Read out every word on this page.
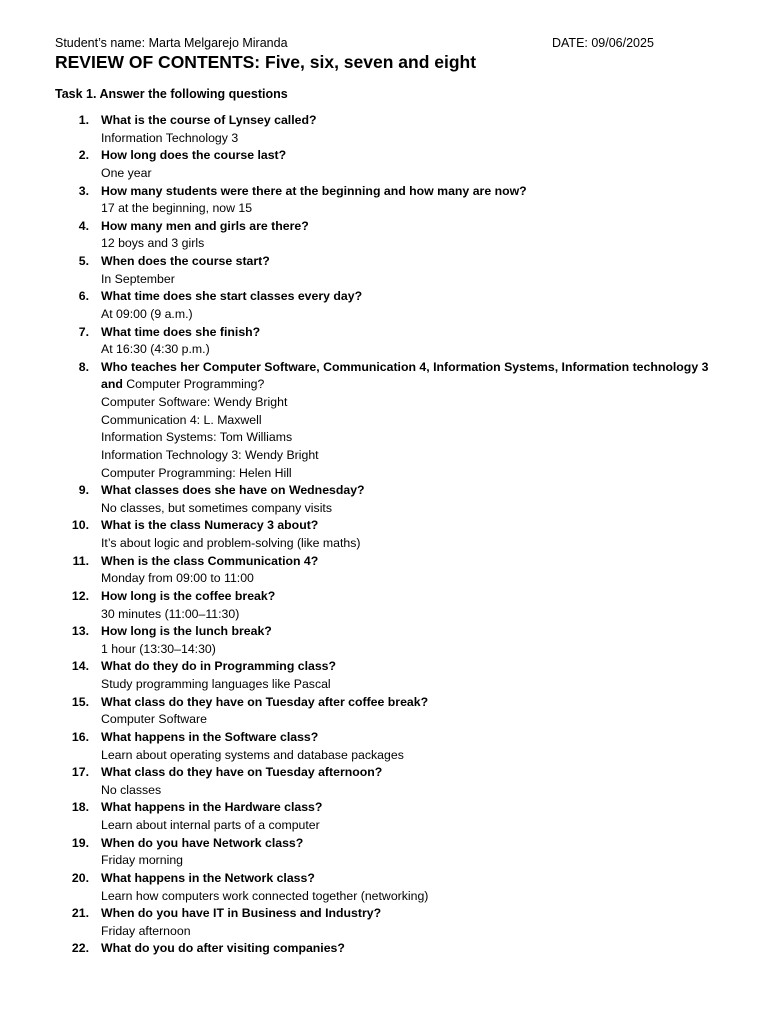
Student’s name: Marta Melgarejo Miranda	DATE: 09/06/2025
REVIEW OF CONTENTS: Five, six, seven and eight
Task 1. Answer the following questions
1. What is the course of Lynsey called?
Information Technology 3
2. How long does the course last?
One year
3. How many students were there at the beginning and how many are now?
17 at the beginning, now 15
4. How many men and girls are there?
12 boys and 3 girls
5. When does the course start?
In September
6. What time does she start classes every day?
At 09:00 (9 a.m.)
7. What time does she finish?
At 16:30 (4:30 p.m.)
8. Who teaches her Computer Software, Communication 4, Information Systems, Information technology 3 and Computer Programming?
Computer Software: Wendy Bright
Communication 4: L. Maxwell
Information Systems: Tom Williams
Information Technology 3: Wendy Bright
Computer Programming: Helen Hill
9. What classes does she have on Wednesday?
No classes, but sometimes company visits
10. What is the class Numeracy 3 about?
It’s about logic and problem-solving (like maths)
11. When is the class Communication 4?
Monday from 09:00 to 11:00
12. How long is the coffee break?
30 minutes (11:00–11:30)
13. How long is the lunch break?
1 hour (13:30–14:30)
14. What do they do in Programming class?
Study programming languages like Pascal
15. What class do they have on Tuesday after coffee break?
Computer Software
16. What happens in the Software class?
Learn about operating systems and database packages
17. What class do they have on Tuesday afternoon?
No classes
18. What happens in the Hardware class?
Learn about internal parts of a computer
19. When do you have Network class?
Friday morning
20. What happens in the Network class?
Learn how computers work connected together (networking)
21. When do you have IT in Business and Industry?
Friday afternoon
22. What do you do after visiting companies?
